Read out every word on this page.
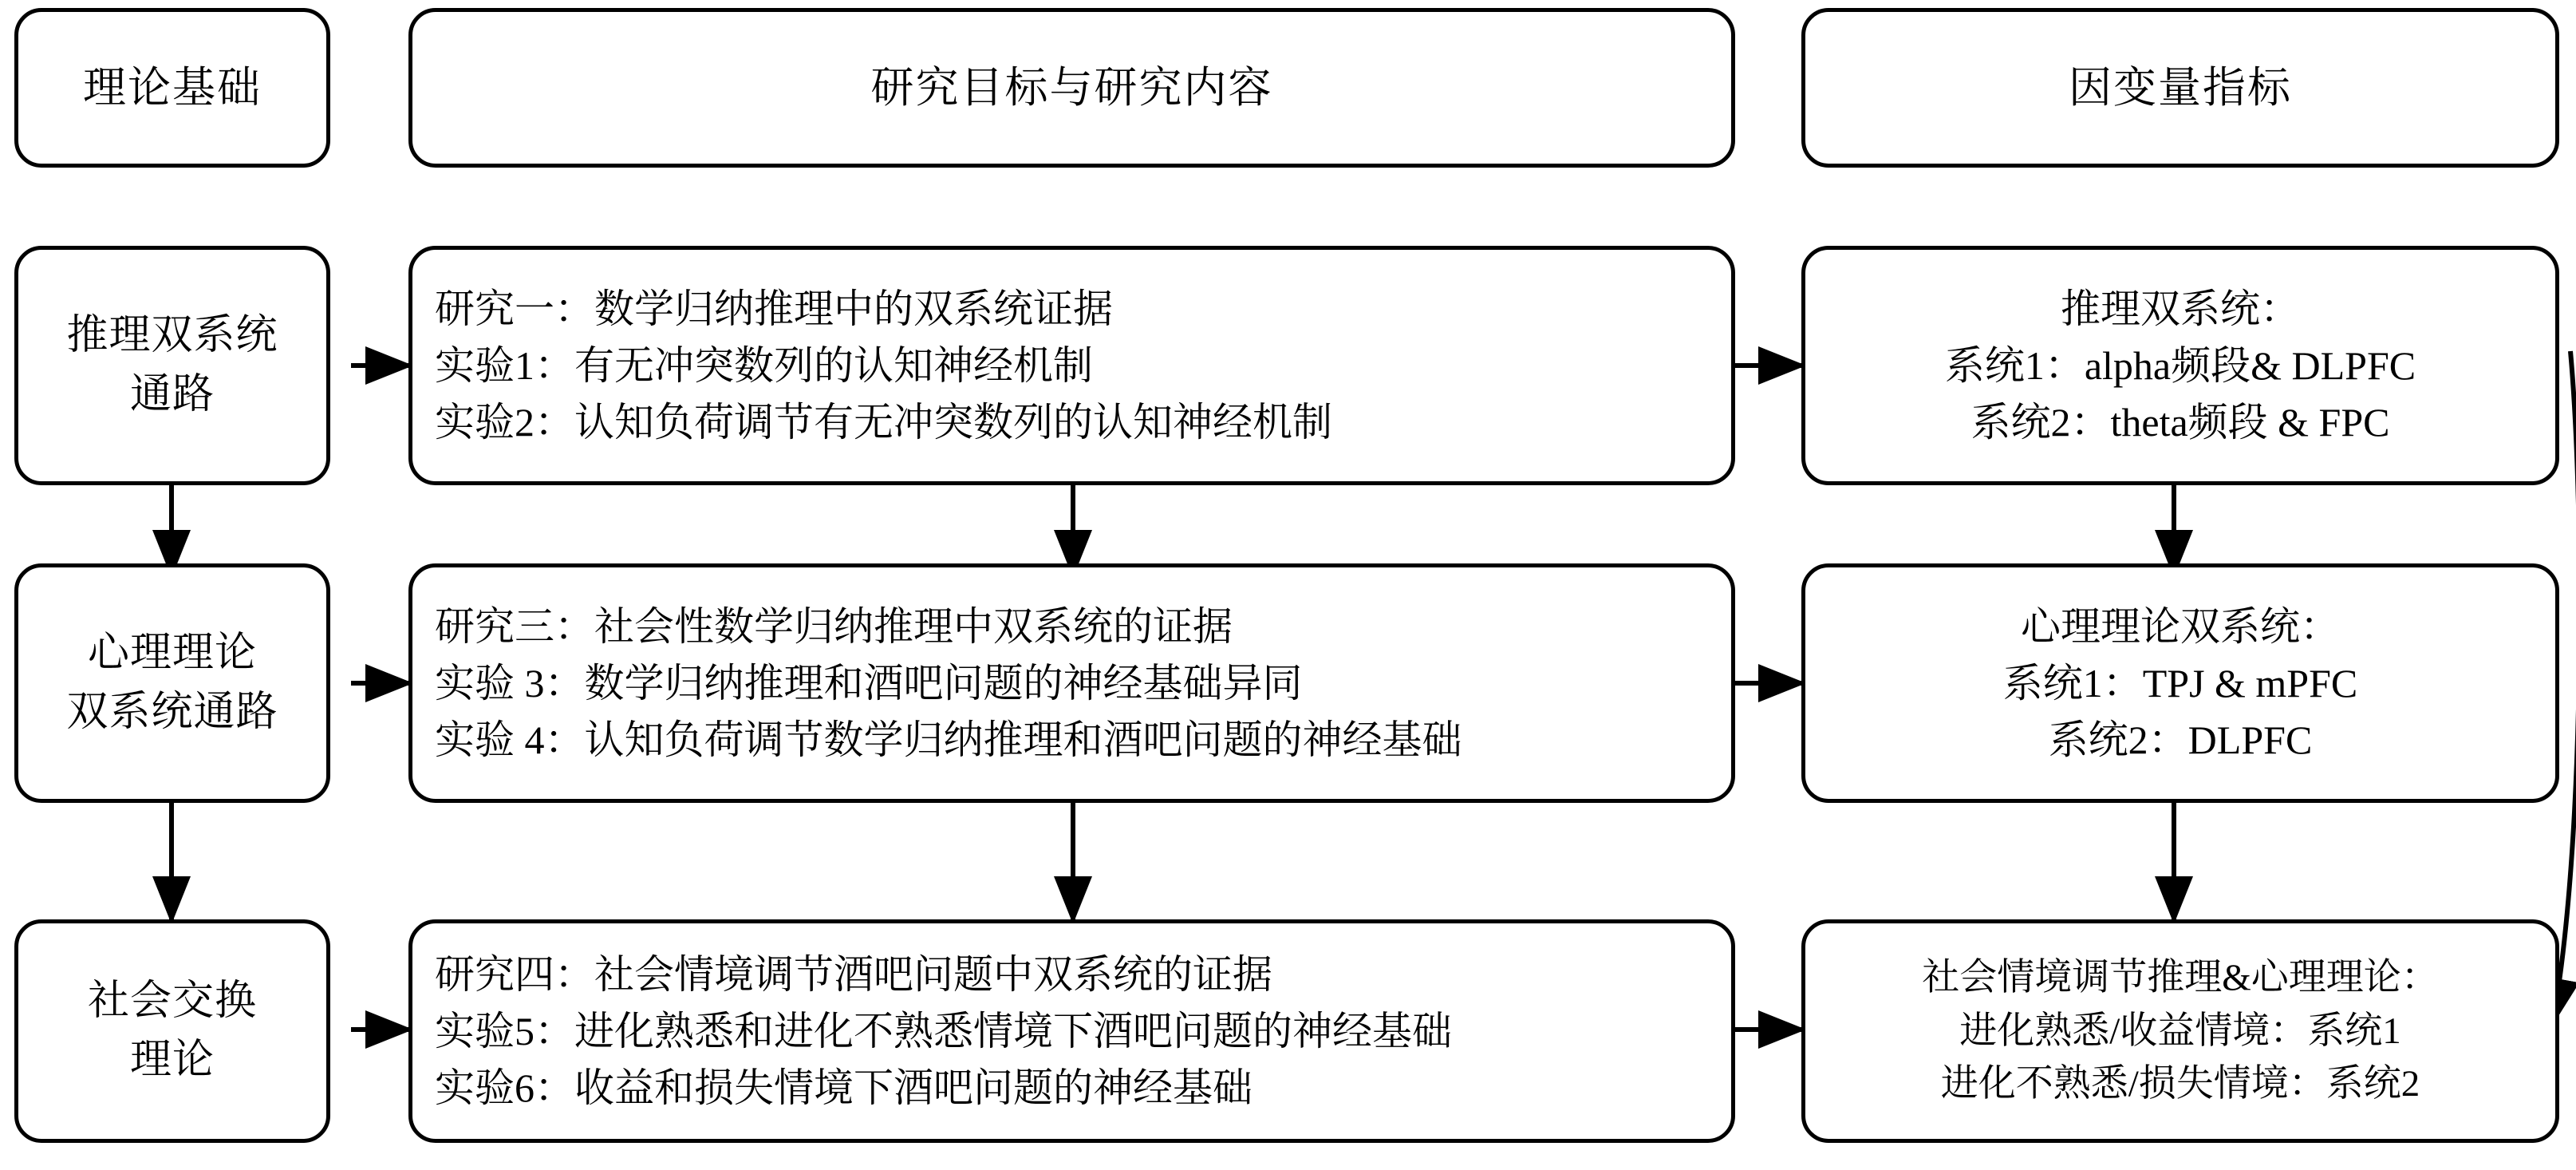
理论基础	研究目标与研究内容	因变量指标
推理双系统
通路
研究一：数学归纳推理中的双系统证据
实验1：有无冲突数列的认知神经机制
实验2：认知负荷调节有无冲突数列的认知神经机制
推理双系统：
系统1：alpha频段& DLPFC
系统2：theta频段 & FPC
心理理论
双系统通路
研究三：社会性数学归纳推理中双系统的证据
实验 3：数学归纳推理和酒吧问题的神经基础异同
实验 4：认知负荷调节数学归纳推理和酒吧问题的神经基础
心理理论双系统：
系统1：TPJ & mPFC
系统2：DLPFC
社会交换
理论
研究四：社会情境调节酒吧问题中双系统的证据
实验5：进化熟悉和进化不熟悉情境下酒吧问题的神经基础
实验6：收益和损失情境下酒吧问题的神经基础
社会情境调节推理&心理理论：
进化熟悉/收益情境：系统1
进化不熟悉/损失情境：系统2
